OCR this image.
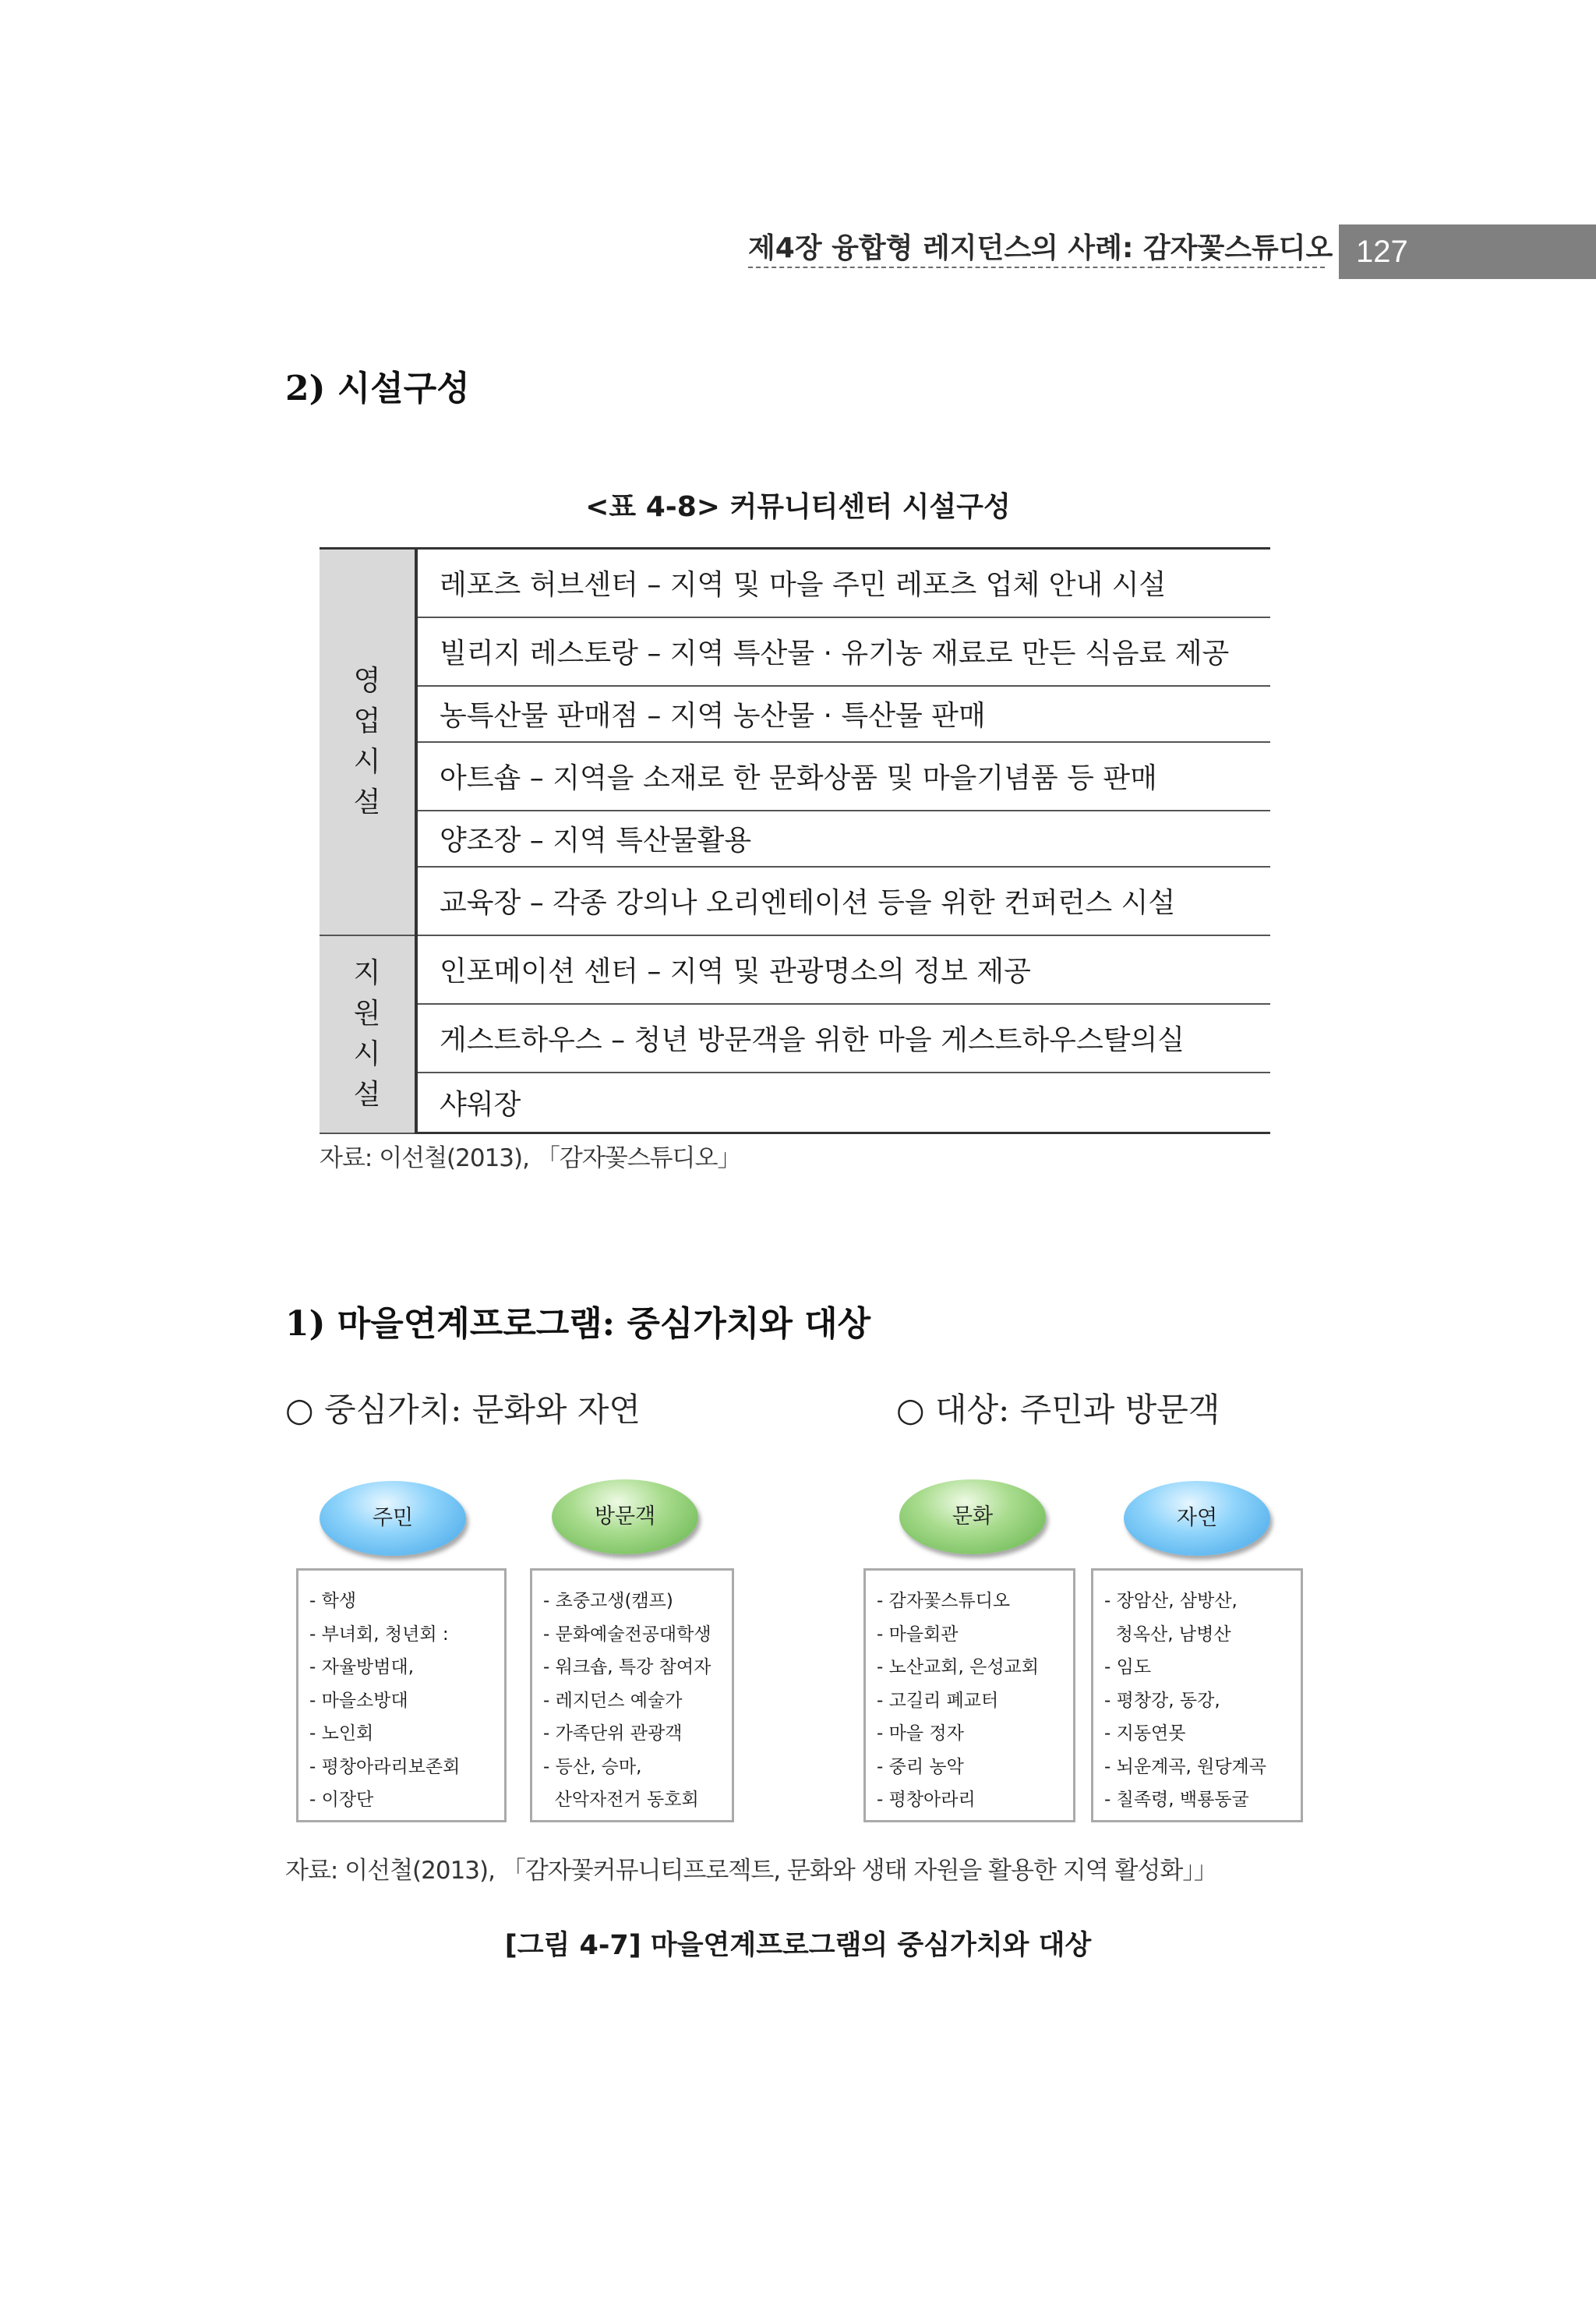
제4장 융합형 레지던스의 사례: 감자꽃스튜디오 127
2) 시설구성
<표 4-8> 커뮤니티센터 시설구성
영
업
시
설	레포츠 허브센터 – 지역 및 마을 주민 레포츠 업체 안내 시설
	빌리지 레스토랑 – 지역 특산물 · 유기농 재료로 만든 식음료 제공
	농특산물 판매점 – 지역 농산물 · 특산물 판매
	아트숍 – 지역을 소재로 한 문화상품 및 마을기념품 등 판매
	양조장 – 지역 특산물활용
	교육장 – 각종 강의나 오리엔테이션 등을 위한 컨퍼런스 시설

지
원
시
설	인포메이션 센터 – 지역 및 관광명소의 정보 제공
	게스트하우스 – 청년 방문객을 위한 마을 게스트하우스탈의실
	샤워장
자료: 이선철(2013), 「감자꽃스튜디오」
1) 마을연계프로그램: 중심가치와 대상
○ 중심가치: 문화와 자연	○ 대상: 주민과 방문객
주민	방문객	문화	자연
- 학생
- 부녀회, 청년회 :
- 자율방범대,
- 마을소방대
- 노인회
- 평창아라리보존회
- 이장단
- 초중고생(캠프)
- 문화예술전공대학생
- 워크숍, 특강 참여자
- 레지던스 예술가
- 가족단위 관광객
- 등산, 승마,
산악자전거 동호회
- 감자꽃스튜디오
- 마을회관
- 노산교회, 은성교회
- 고길리 폐교터
- 마을 정자
- 중리 농악
- 평창아라리
- 장암산, 삼방산,
청옥산, 남병산
- 임도
- 평창강, 동강,
- 지동연못
- 뇌운계곡, 원당계곡
- 칠족령, 백룡동굴
자료: 이선철(2013), 「감자꽃커뮤니티프로젝트, 문화와 생태 자원을 활용한 지역 활성화」」
[그림 4-7] 마을연계프로그램의 중심가치와 대상
